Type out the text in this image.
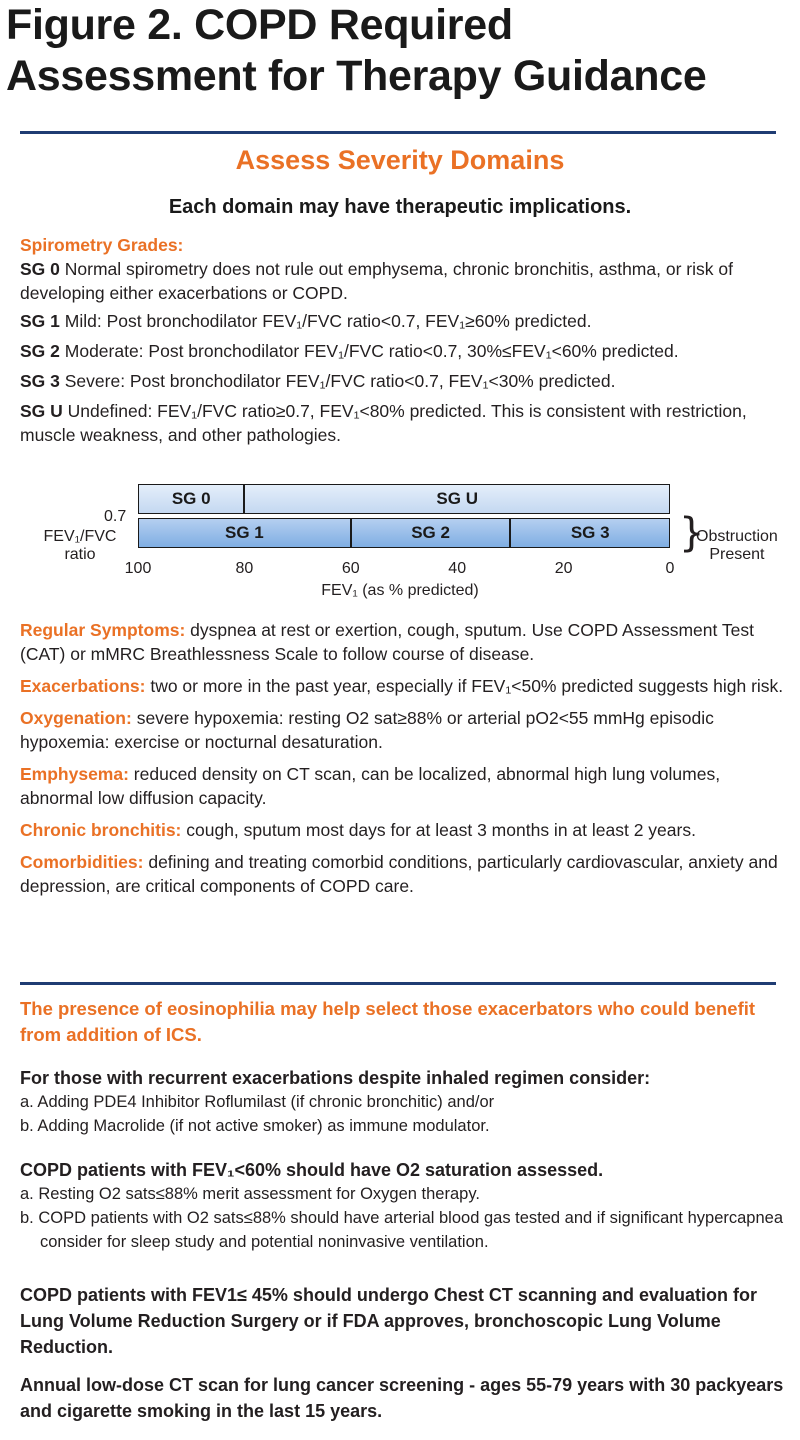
Figure 2. COPD Required
Assessment for Therapy Guidance
Assess Severity Domains
Each domain may have therapeutic implications.
Spirometry Grades:
SG 0 Normal spirometry does not rule out emphysema, chronic bronchitis, asthma, or risk of developing either exacerbations or COPD.
SG 1 Mild: Post bronchodilator FEV₁/FVC ratio<0.7, FEV₁≥60% predicted.
SG 2 Moderate: Post bronchodilator FEV₁/FVC ratio<0.7, 30%≤FEV₁<60% predicted.
SG 3 Severe: Post bronchodilator FEV₁/FVC ratio<0.7, FEV₁<30% predicted.
SG U Undefined: FEV₁/FVC ratio≥0.7, FEV₁<80% predicted. This is consistent with restriction, muscle weakness, and other pathologies.
0.7
FEV₁/FVC
ratio
SG 0	SG U
SG 1	SG 2	SG 3
100	80	60	40	20	0
}
Obstruction
Present
FEV₁ (as % predicted)
Regular Symptoms: dyspnea at rest or exertion, cough, sputum. Use COPD Assessment Test (CAT) or mMRC Breathlessness Scale to follow course of disease.
Exacerbations: two or more in the past year, especially if FEV₁<50% predicted suggests high risk.
Oxygenation: severe hypoxemia: resting O2 sat≥88% or arterial pO2<55 mmHg episodic hypoxemia: exercise or nocturnal desaturation.
Emphysema: reduced density on CT scan, can be localized, abnormal high lung volumes, abnormal low diffusion capacity.
Chronic bronchitis: cough, sputum most days for at least 3 months in at least 2 years.
Comorbidities: defining and treating comorbid conditions, particularly cardiovascular, anxiety and depression, are critical components of COPD care.
The presence of eosinophilia may help select those exacerbators who could benefit from addition of ICS.
For those with recurrent exacerbations despite inhaled regimen consider:
a. Adding PDE4 Inhibitor Roflumilast (if chronic bronchitic) and/or
b. Adding Macrolide (if not active smoker) as immune modulator.
COPD patients with FEV₁<60% should have O2 saturation assessed.
a. Resting O2 sats≤88% merit assessment for Oxygen therapy.
b. COPD patients with O2 sats≤88% should have arterial blood gas tested and if significant hypercapnea consider for sleep study and potential noninvasive ventilation.
COPD patients with FEV1≤ 45% should undergo Chest CT scanning and evaluation for Lung Volume Reduction Surgery or if FDA approves, bronchoscopic Lung Volume Reduction.
Annual low-dose CT scan for lung cancer screening - ages 55-79 years with 30 packyears and cigarette smoking in the last 15 years.
